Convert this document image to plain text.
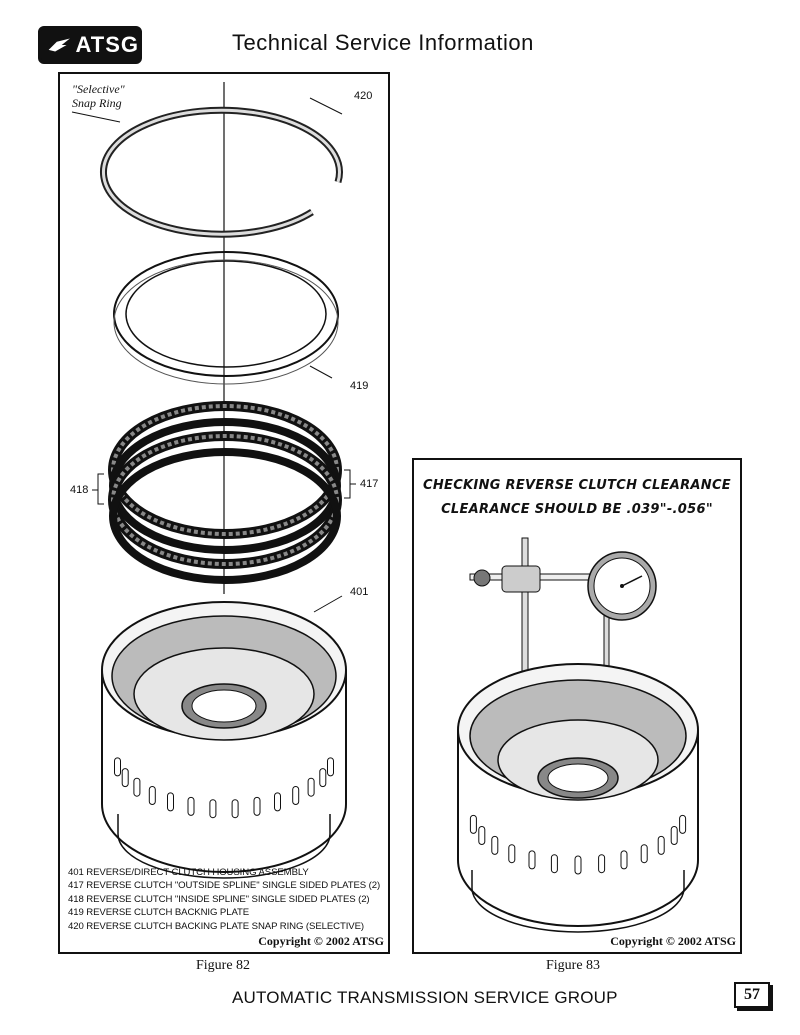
ATSG	Technical Service Information
"Selective"
Snap Ring	420
419
418	417
401
401 REVERSE/DIRECT CLUTCH HOUSING ASSEMBLY
417 REVERSE CLUTCH "OUTSIDE SPLINE" SINGLE SIDED PLATES (2)
418 REVERSE CLUTCH "INSIDE SPLINE" SINGLE SIDED PLATES (2)
419 REVERSE CLUTCH BACKNIG PLATE
420 REVERSE CLUTCH BACKING PLATE SNAP RING (SELECTIVE)
Copyright © 2002 ATSG
Figure 82
CHECKING REVERSE CLUTCH CLEARANCE
CLEARANCE SHOULD BE .039"-.056"
Copyright © 2002 ATSG
Figure 83
AUTOMATIC TRANSMISSION SERVICE GROUP	57
